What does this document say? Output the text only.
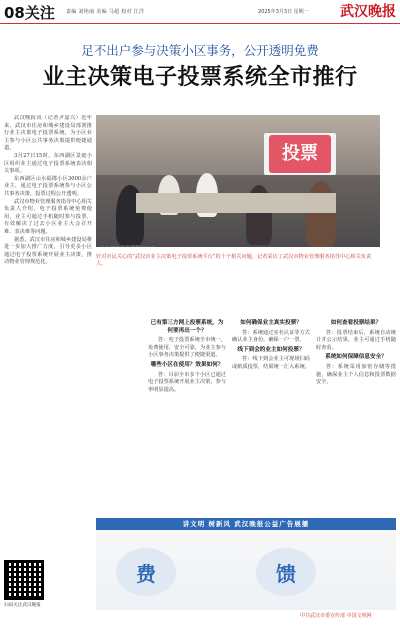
08关注 责编 刘艳丽 美编 马超 校对 江洋	2025年3月3日 星期一 武汉晚报
足不出户参与决策小区事务，公开透明免费
业主决策电子投票系统全市推行

武汉晚报讯（记者尹嘉兴）近年来，武汉市住房和城乡建设局部署推行业主决策电子投票系统，为小区业主参与小区公共事务决策提供便捷通道。

3月27日15时，东西湖区景庭小区组织业主通过电子投票系统表决相关事项。

东西湖区山水福郡小区3000余户业主，通过电子投票系统参与小区公共事务决策，投票过程公开透明。

武汉市物业管理服务指导中心相关负责人介绍，电子投票系统免费使用，业主可通过手机随时参与投票，有效解决了过去小区业主大会召开难、表决难等问题。

据悉，武汉市住房和城乡建设局将进一步加大推广力度，引导更多小区通过电子投票系统开展业主决策，推动物业管理规范化。

投票
业主可线上查看投票情况。
针对市民关心的“武汉市业主决策电子投票系统平台”的十个相关问题，记者采访了武汉市物业管理服务指导中心相关负责人。

已有第三方网上投票系统，为何要再出一个？

答：电子投票系统全市统一，免费使用，安全可靠，为业主参与小区事务决策提供了便捷渠道。

哪些小区在使用？效果如何？

答：目前全市多个小区已通过电子投票系统开展业主决策，参与率明显提高。

如何确保业主真实投票？

答：系统通过实名认证等方式确认业主身份，确保一户一票。

线下到会的业主如何投票？

答：线下到会业主可现场扫码或纸质投票，结果统一汇入系统。

如何查看投票结果？

答：投票结束后，系统自动统计并公示结果，业主可通过手机随时查看。

系统如何保障信息安全？

答：系统采用加密存储等措施，确保业主个人信息和投票数据安全。

讲文明 树新风 武汉晚报公益广告展播
费	馈
中共武汉市委宣传部 中国文明网
扫码关注武汉晚报
